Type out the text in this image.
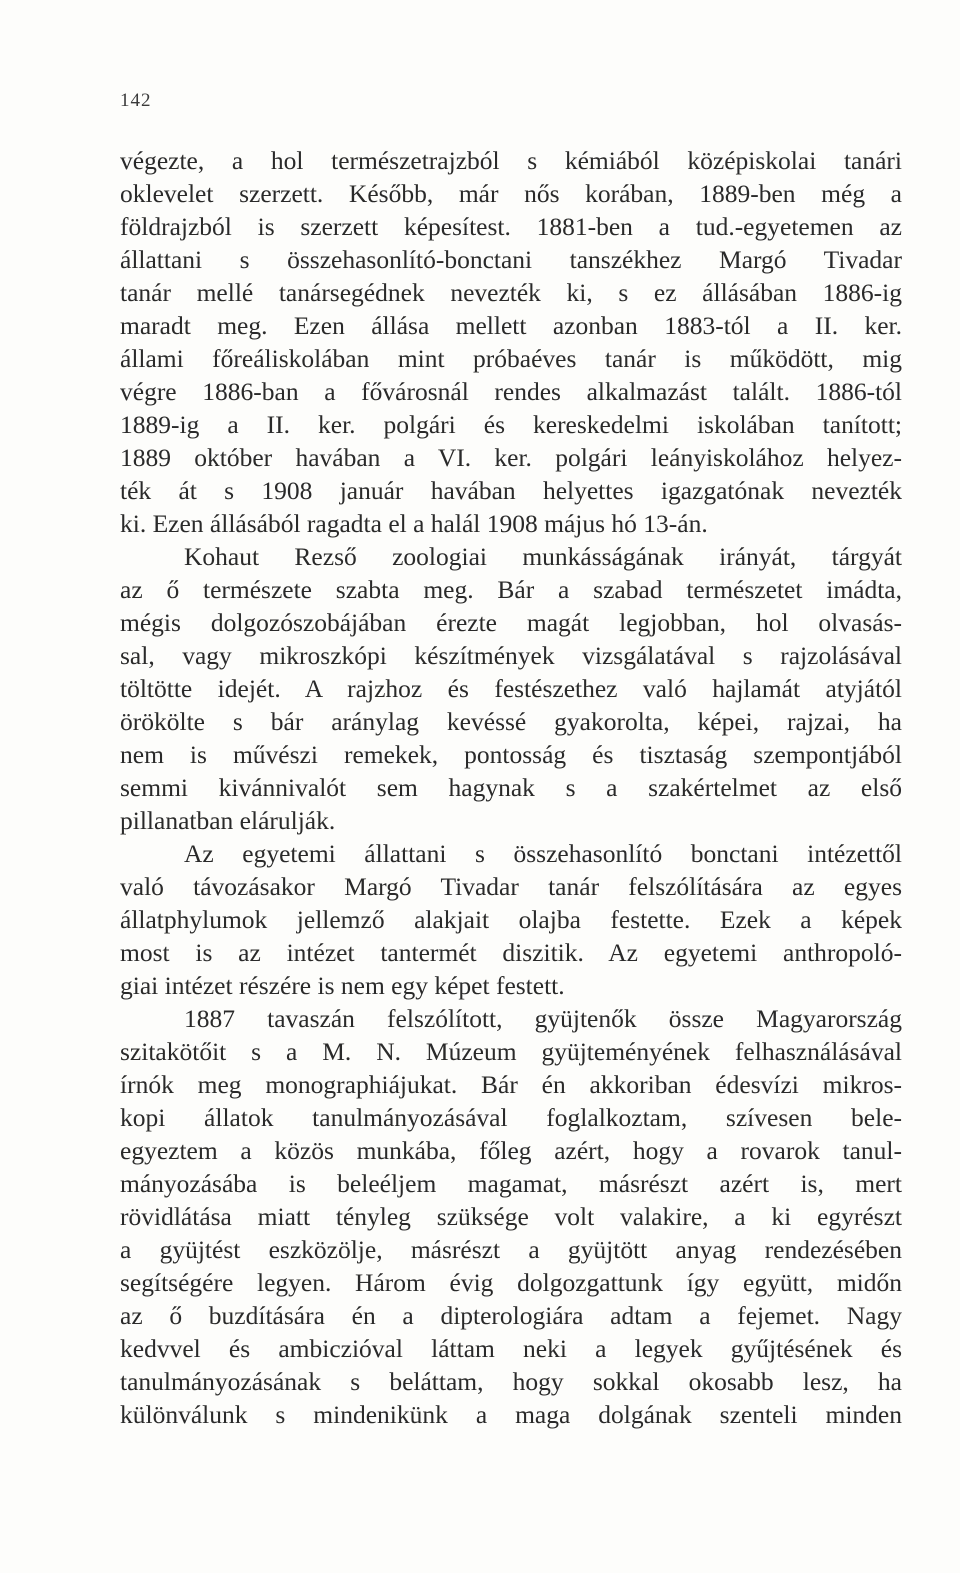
142
végezte, a hol természetrajzból s kémiából középiskolai tanári
oklevelet szerzett. Később, már nős korában, 1889-ben még a
földrajzból is szerzett képesítest. 1881-ben a tud.-egyetemen az
állattani s összehasonlító-bonctani tanszékhez Margó Tivadar
tanár mellé tanársegédnek nevezték ki, s ez állásában 1886-ig
maradt meg. Ezen állása mellett azonban 1883-tól a II. ker.
állami főreáliskolában mint próbaéves tanár is működött, mig
végre 1886-ban a fővárosnál rendes alkalmazást talált. 1886-tól
1889-ig a II. ker. polgári és kereskedelmi iskolában tanított;
1889 október havában a VI. ker. polgári leányiskolához helyez-
ték át s 1908 január havában helyettes igazgatónak nevezték
ki. Ezen állásából ragadta el a halál 1908 május hó 13-án.
Kohaut Rezső zoologiai munkásságának irányát, tárgyát
az ő természete szabta meg. Bár a szabad természetet imádta,
mégis dolgozószobájában érezte magát legjobban, hol olvasás-
sal, vagy mikroszkópi készítmények vizsgálatával s rajzolásával
töltötte idejét. A rajzhoz és festészethez való hajlamát atyjától
örökölte s bár aránylag kevéssé gyakorolta, képei, rajzai, ha
nem is művészi remekek, pontosság és tisztaság szempontjából
semmi kivánnivalót sem hagynak s a szakértelmet az első
pillanatban elárulják.
Az egyetemi állattani s összehasonlító bonctani intézettől
való távozásakor Margó Tivadar tanár felszólítására az egyes
állatphylumok jellemző alakjait olajba festette. Ezek a képek
most is az intézet tantermét diszitik. Az egyetemi anthropoló-
giai intézet részére is nem egy képet festett.
1887 tavaszán felszólított, gyüjtenők össze Magyarország
szitakötőit s a M. N. Múzeum gyüjteményének felhasználásával
írnók meg monographiájukat. Bár én akkoriban édesvízi mikros-
kopi állatok tanulmányozásával foglalkoztam, szívesen bele-
egyeztem a közös munkába, főleg azért, hogy a rovarok tanul-
mányozásába is beleéljem magamat, másrészt azért is, mert
rövidlátása miatt tényleg szüksége volt valakire, a ki egyrészt
a gyüjtést eszközölje, másrészt a gyüjtött anyag rendezésében
segítségére legyen. Három évig dolgozgattunk így együtt, midőn
az ő buzdítására én a dipterologiára adtam a fejemet. Nagy
kedvvel és ambiczióval láttam neki a legyek gyűjtésének és
tanulmányozásának s beláttam, hogy sokkal okosabb lesz, ha
különválunk s mindenikünk a maga dolgának szenteli minden
